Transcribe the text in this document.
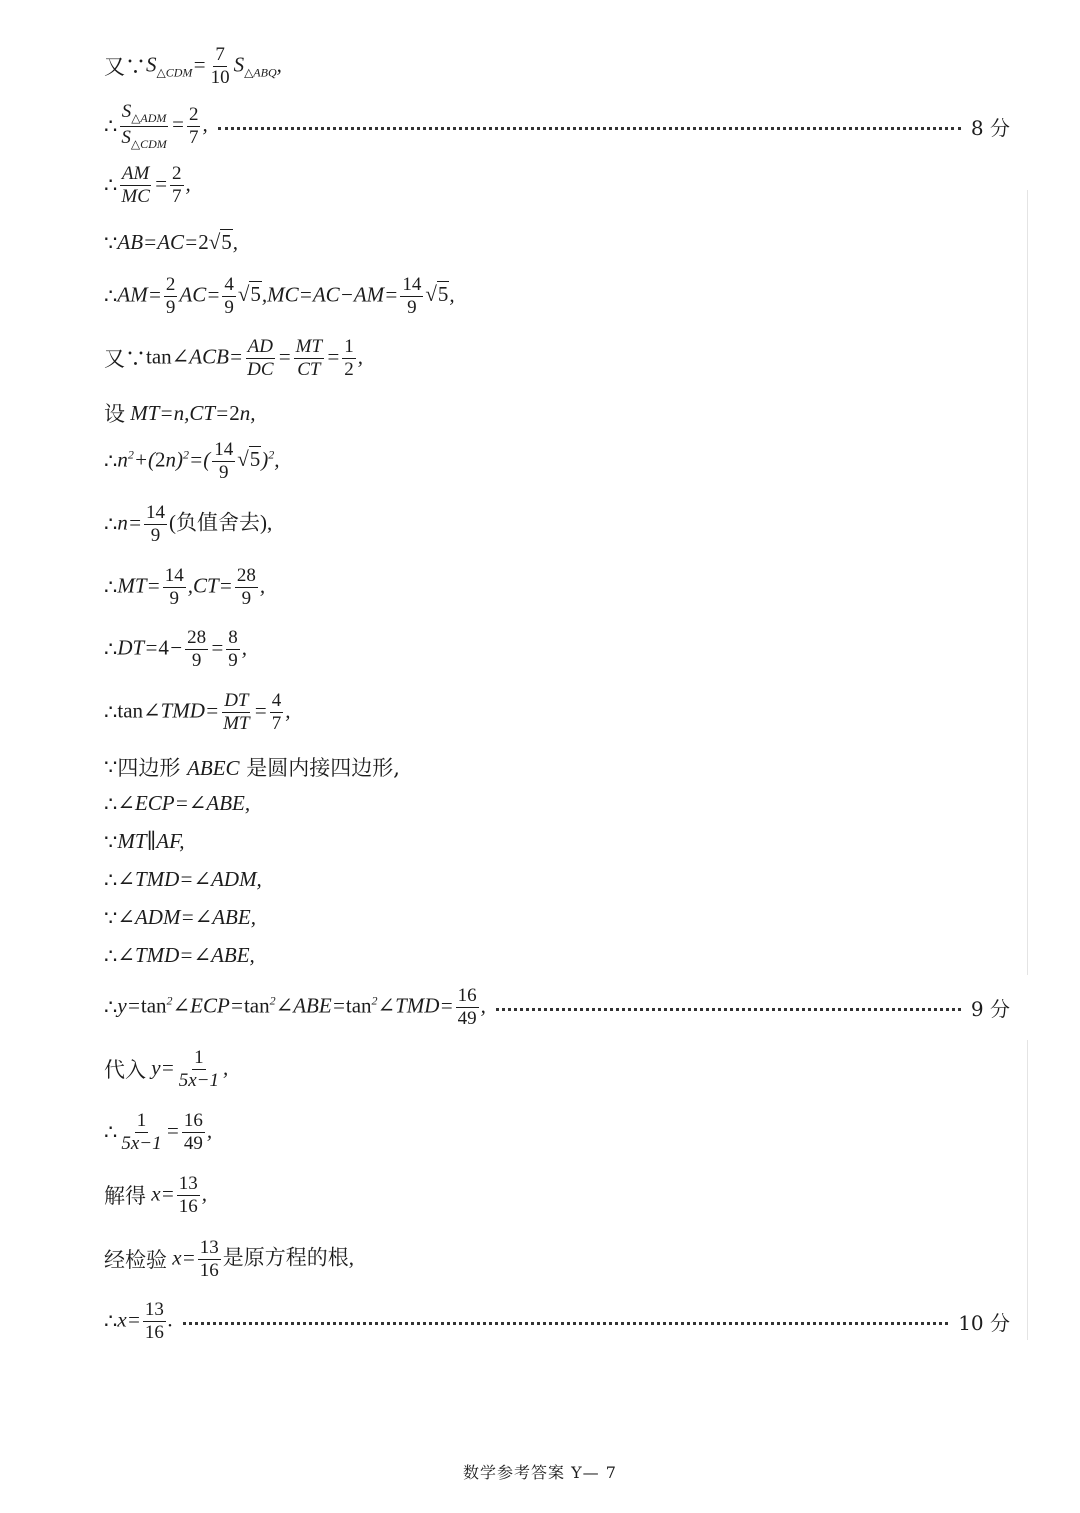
又∵ $S_{\triangle CDM}= \frac{7}{10} S_{\triangle ABQ}$,
∴ $\frac{S_{\triangle ADM}}{S_{\triangle CDM}} = \frac{2}{7}$ ,	8 分
∴ $\frac{AM}{MC} = \frac{2}{7}$ ,
∵ AB=AC=2√5,
∴ $AM= \frac{2}{9} AC= \frac{4}{9} √5,MC=AC-AM= \frac{14}{9} √5$,
又∵ tan∠ACB= $\frac{AD}{DC} = \frac{MT}{CT} = \frac{1}{2}$ ,
设 MT=n,CT=2n,
∴ $n^2+(2n)^2=( \frac{14}{9} √5)^2$,
∴ $n= \frac{14}{9}$ (负值舍去),
∴ $MT= \frac{14}{9} ,CT= \frac{28}{9}$ ,
∴ $DT=4- \frac{28}{9} = \frac{8}{9}$ ,
∴ tan∠TMD= $\frac{DT}{MT} = \frac{4}{7}$ ,
∵ 四边形 ABEC 是圆内接四边形,
∴ ∠ECP=∠ABE,
∵ MT∥AF,
∴ ∠TMD=∠ADM,
∵ ∠ADM=∠ABE,
∴ ∠TMD=∠ABE,
∴ $y=\tan^2\angle ECP=\tan^2\angle ABE=\tan^2\angle TMD= \frac{16}{49}$ ,	9 分
代入 $y= \frac{1}{5x-1}$ ,
∴ $\frac{1}{5x-1} = \frac{16}{49}$ ,
解得 $x= \frac{13}{16}$ ,
经检验 $x= \frac{13}{16}$ 是原方程的根,
∴ $x= \frac{13}{16}$ .	10 分
数学参考答案 Y— 7
